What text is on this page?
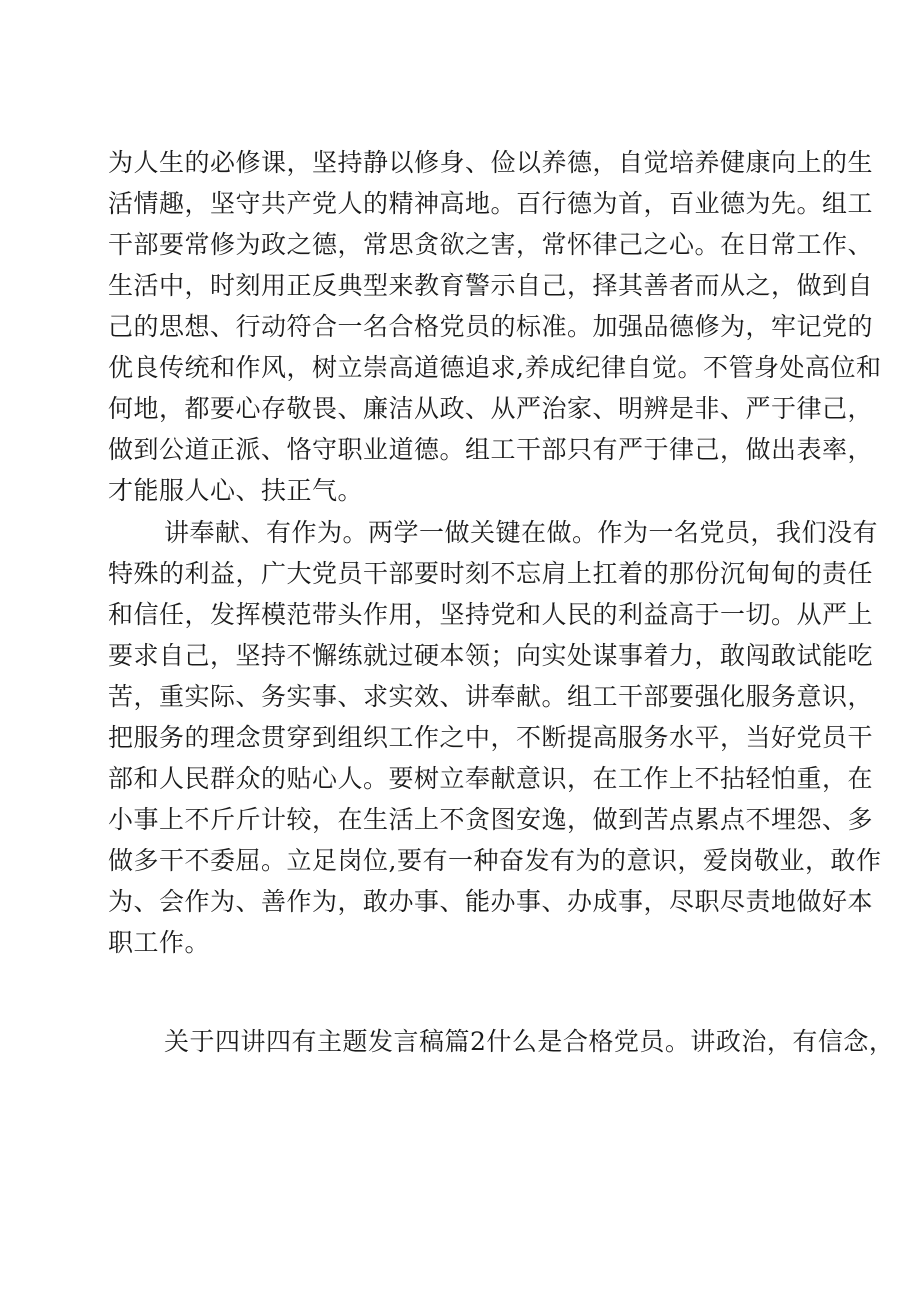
为人生的必修课，坚持静以修身、俭以养德，自觉培养健康向上的生
活情趣，坚守共产党人的精神高地。百行德为首，百业德为先。组工
干部要常修为政之德，常思贪欲之害，常怀律己之心。在日常工作、
生活中，时刻用正反典型来教育警示自己，择其善者而从之，做到自
己的思想、行动符合一名合格党员的标准。加强品德修为，牢记党的
优良传统和作风，树立崇高道德追求,养成纪律自觉。不管身处高位和
何地，都要心存敬畏、廉洁从政、从严治家、明辨是非、严于律己，
做到公道正派、恪守职业道德。组工干部只有严于律己，做出表率，
才能服人心、扶正气。
讲奉献、有作为。两学一做关键在做。作为一名党员，我们没有
特殊的利益，广大党员干部要时刻不忘肩上扛着的那份沉甸甸的责任
和信任，发挥模范带头作用，坚持党和人民的利益高于一切。从严上
要求自己，坚持不懈练就过硬本领；向实处谋事着力，敢闯敢试能吃
苦，重实际、务实事、求实效、讲奉献。组工干部要强化服务意识，
把服务的理念贯穿到组织工作之中，不断提高服务水平，当好党员干
部和人民群众的贴心人。要树立奉献意识，在工作上不拈轻怕重，在
小事上不斤斤计较，在生活上不贪图安逸，做到苦点累点不埋怨、多
做多干不委屈。立足岗位,要有一种奋发有为的意识，爱岗敬业，敢作
为、会作为、善作为，敢办事、能办事、办成事，尽职尽责地做好本
职工作。
关于四讲四有主题发言稿篇2什么是合格党员。讲政治，有信念，
